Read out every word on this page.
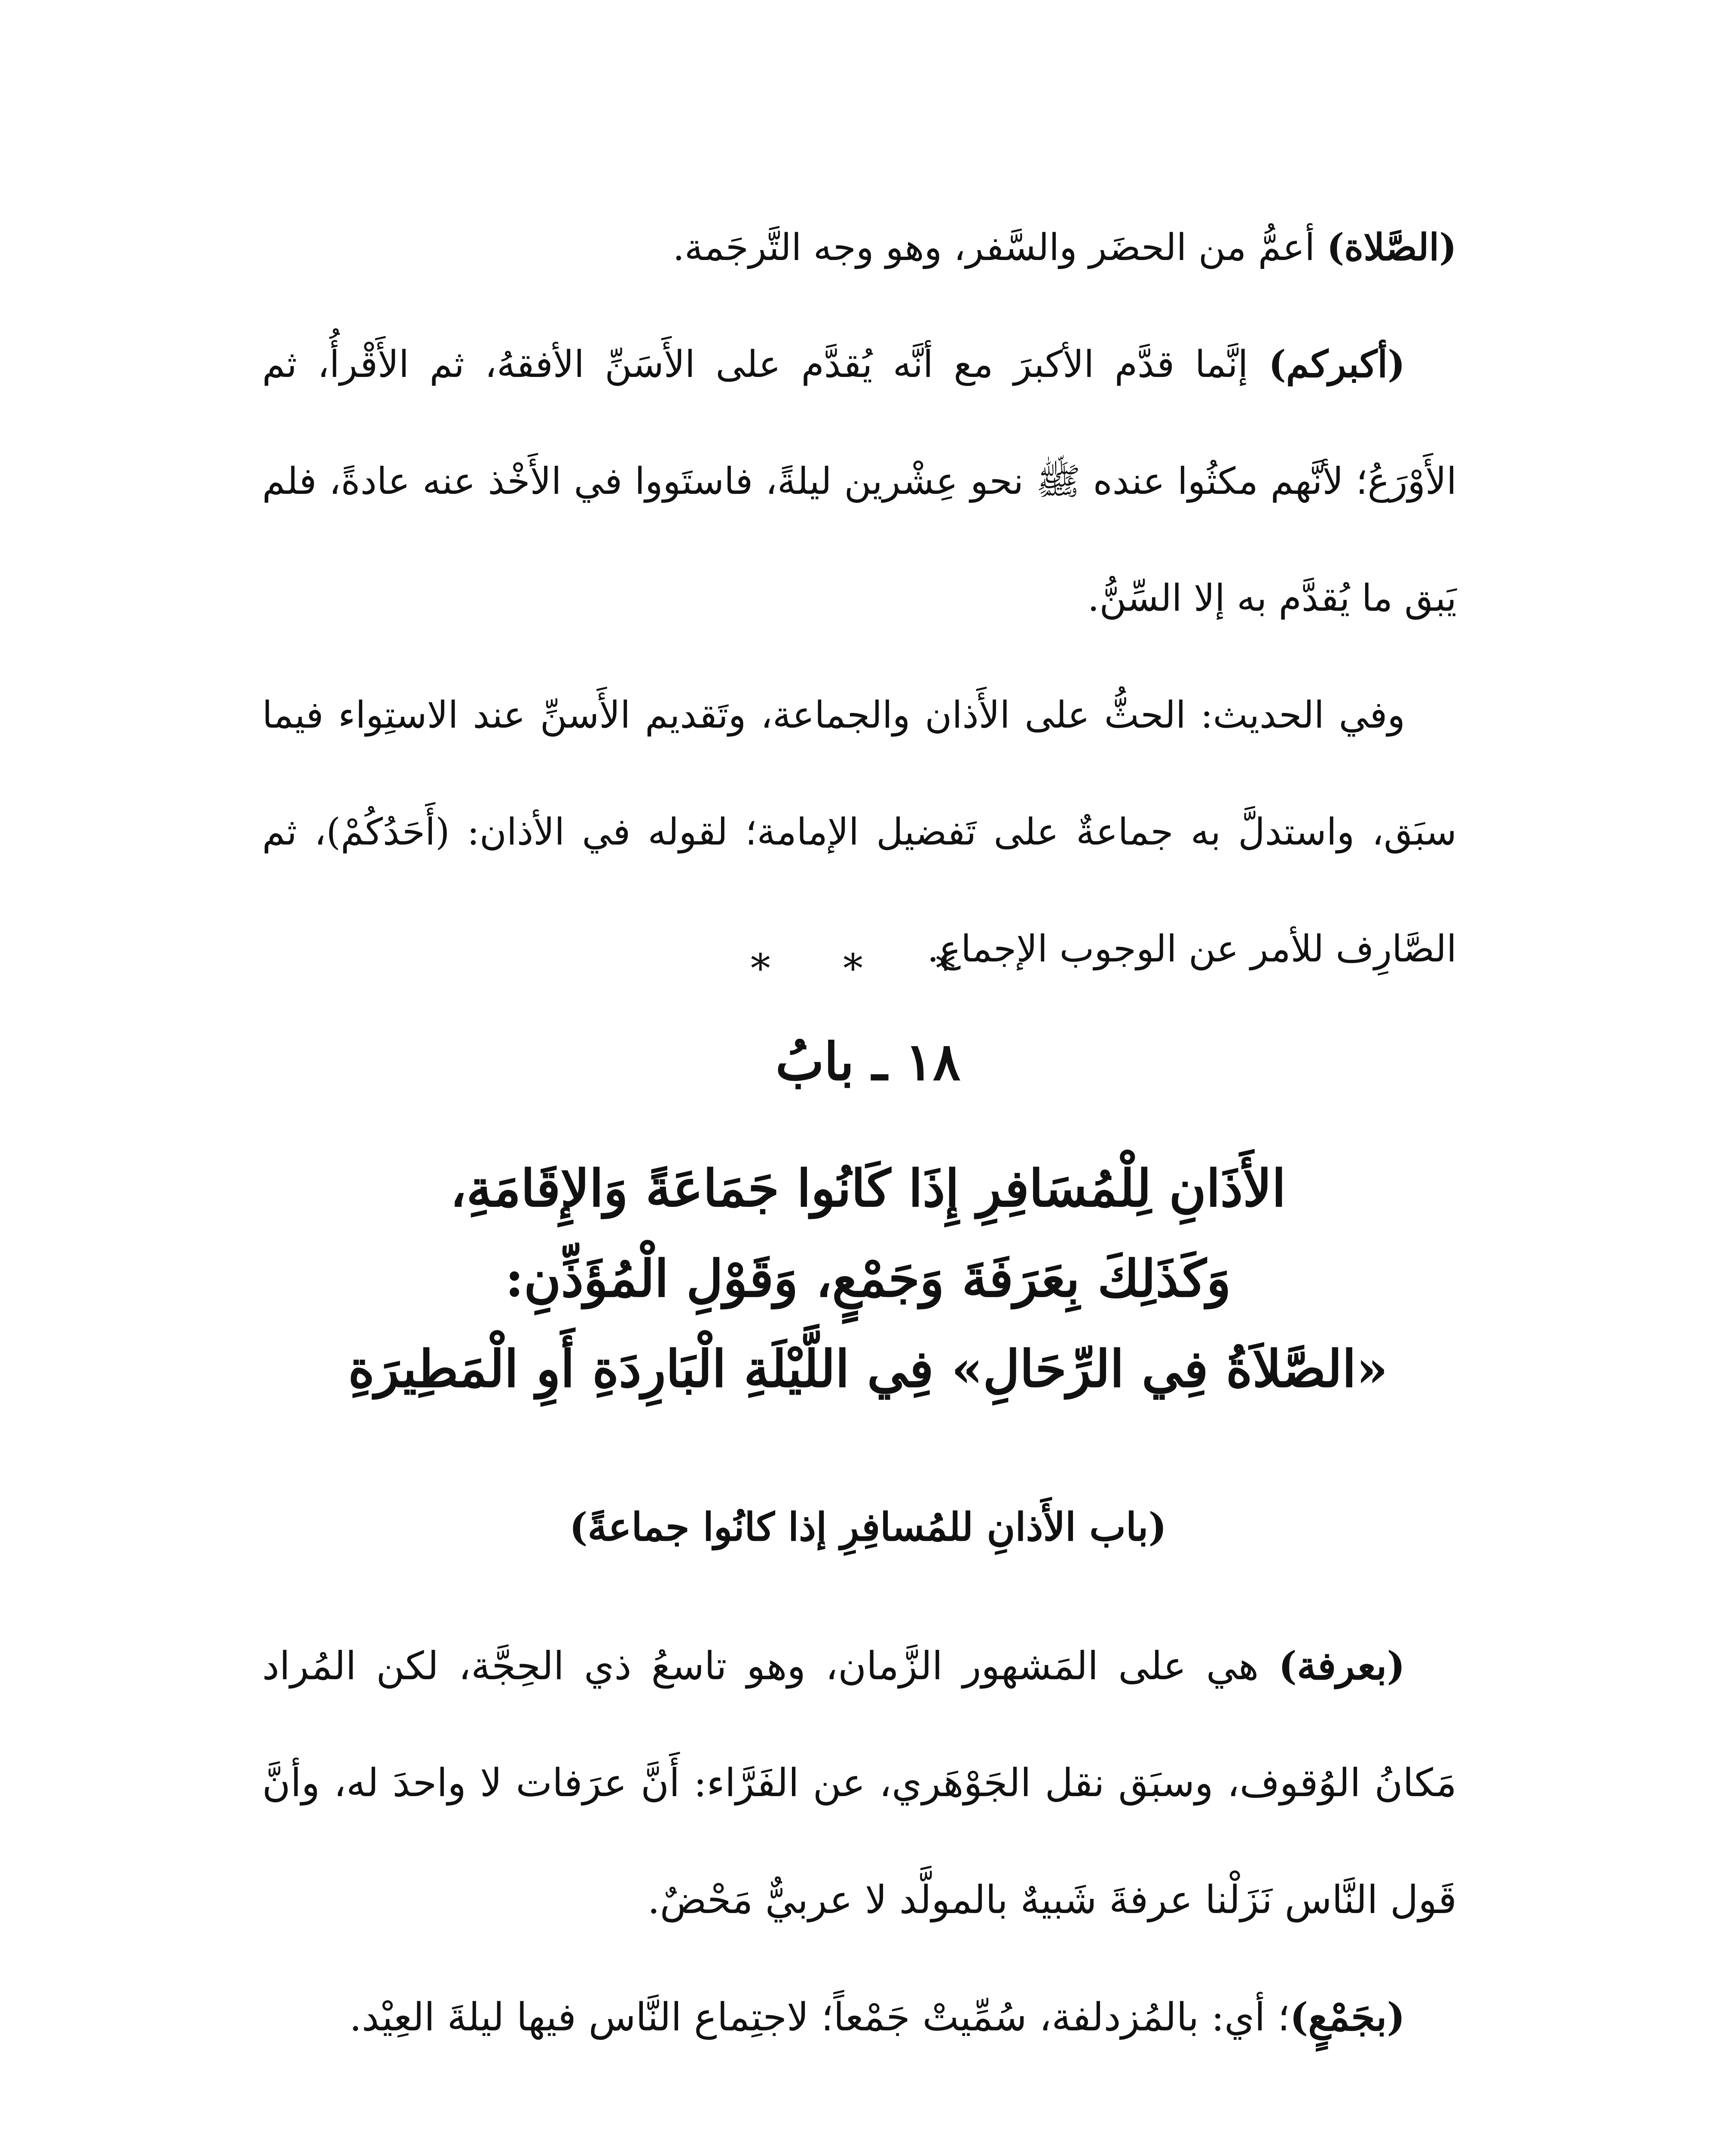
(الصَّلاة) أعمُّ من الحضَر والسَّفر، وهو وجه التَّرجَمة.

(أكبركم) إنَّما قدَّم الأكبرَ مع أنَّه يُقدَّم على الأَسَنِّ الأفقهُ، ثم الأَقْرأُ، ثم الأَوْرَعُ؛ لأنَّهم مكثُوا عنده ﷺ نحو عِشْرين ليلةً، فاستَووا في الأَخْذ عنه عادةً، فلم يَبق ما يُقدَّم به إلا السِّنُّ.

وفي الحديث: الحثُّ على الأَذان والجماعة، وتَقديم الأَسنِّ عند الاستِواء فيما سبَق، واستدلَّ به جماعةٌ على تَفضيل الإمامة؛ لقوله في الأذان: (أَحَدُكُمْ)، ثم الصَّارِف للأمر عن الوجوب الإجماع.

* * *
١٨ ـ بابُ
الأَذَانِ لِلْمُسَافِرِ إِذَا كَانُوا جَمَاعَةً وَالإِقَامَةِ،
وَكَذَلِكَ بِعَرَفَةَ وَجَمْعٍ، وَقَوْلِ الْمُؤَذِّنِ:
«الصَّلاَةُ فِي الرِّحَالِ» فِي اللَّيْلَةِ الْبَارِدَةِ أَوِ الْمَطِيرَةِ
(باب الأَذانِ للمُسافِرِ إذا كانُوا جماعةً)

(بعرفة) هي على المَشهور الزَّمان، وهو تاسعُ ذي الحِجَّة، لكن المُراد مَكانُ الوُقوف، وسبَق نقل الجَوْهَري، عن الفَرَّاء: أَنَّ عرَفات لا واحدَ له، وأنَّ قَول النَّاس نَزَلْنا عرفةَ شَبيهٌ بالمولَّد لا عربيٌّ مَحْضٌ.

(بجَمْعٍ)؛ أي: بالمُزدلفة، سُمِّيتْ جَمْعاً؛ لاجتِماع النَّاس فيها ليلةَ العِيْد.
